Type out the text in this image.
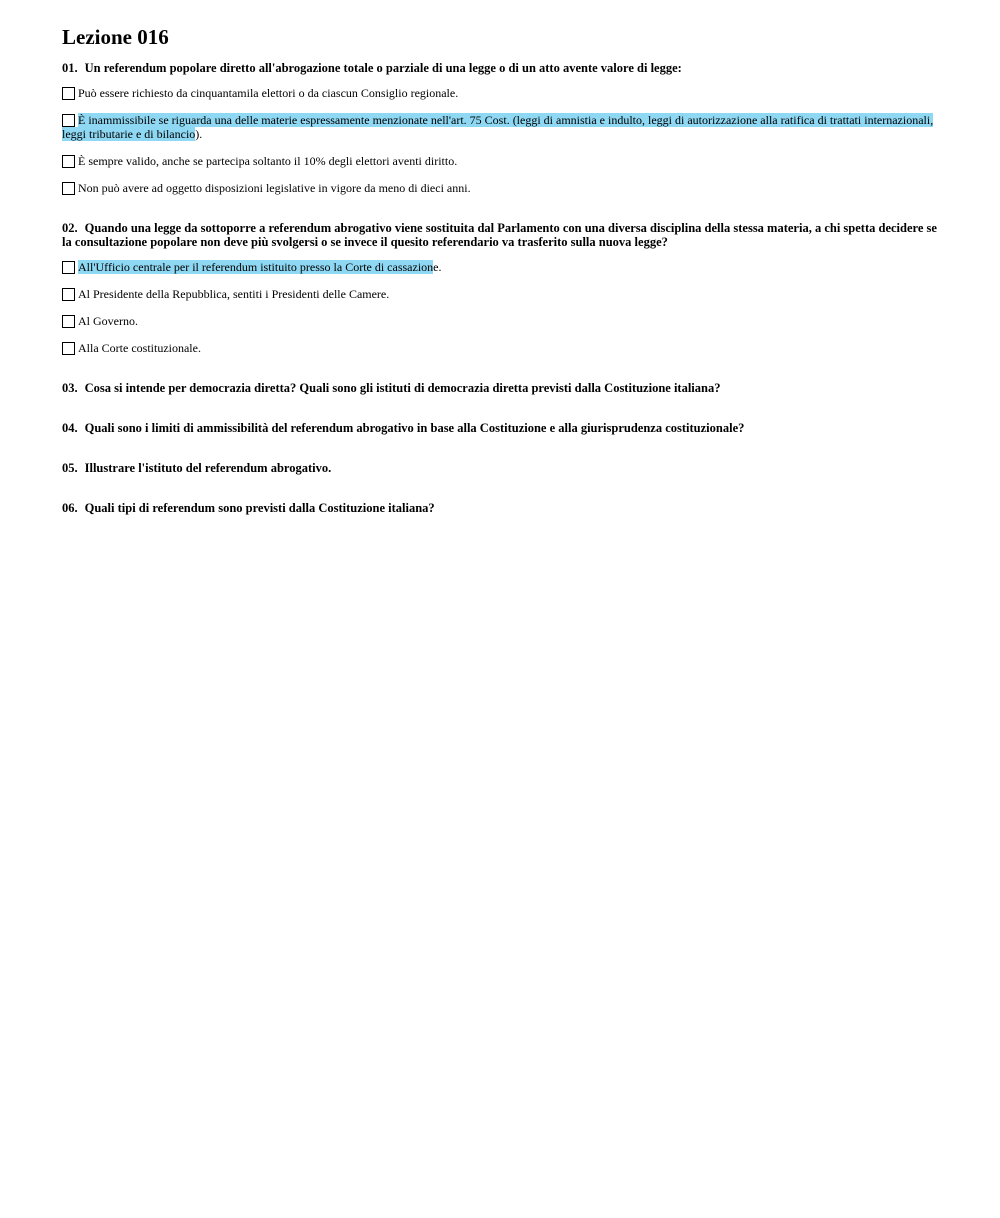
Lezione 016

01. Un referendum popolare diretto all'abrogazione totale o parziale di una legge o di un atto avente valore di legge:

Può essere richiesto da cinquantamila elettori o da ciascun Consiglio regionale.
È inammissibile se riguarda una delle materie espressamente menzionate nell'art. 75 Cost. (leggi di amnistia e indulto, leggi di autorizzazione alla ratifica di trattati internazionali, leggi tributarie e di bilancio).
È sempre valido, anche se partecipa soltanto il 10% degli elettori aventi diritto.
Non può avere ad oggetto disposizioni legislative in vigore da meno di dieci anni.

02. Quando una legge da sottoporre a referendum abrogativo viene sostituita dal Parlamento con una diversa disciplina della stessa materia, a chi spetta decidere se la consultazione popolare non deve più svolgersi o se invece il quesito referendario va trasferito sulla nuova legge?

All'Ufficio centrale per il referendum istituito presso la Corte di cassazione.
Al Presidente della Repubblica, sentiti i Presidenti delle Camere.
Al Governo.
Alla Corte costituzionale.

03. Cosa si intende per democrazia diretta? Quali sono gli istituti di democrazia diretta previsti dalla Costituzione italiana?

04. Quali sono i limiti di ammissibilità del referendum abrogativo in base alla Costituzione e alla giurisprudenza costituzionale?

05. Illustrare l'istituto del referendum abrogativo.

06. Quali tipi di referendum sono previsti dalla Costituzione italiana?
